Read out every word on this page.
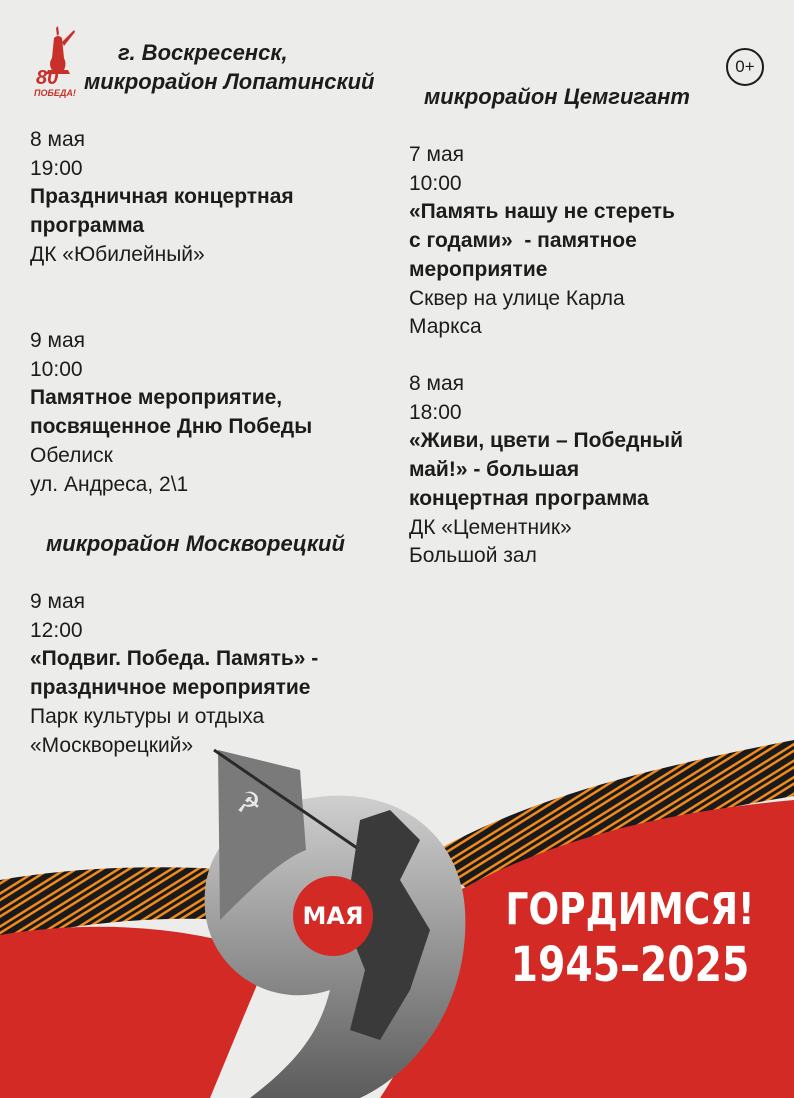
80
ПОБЕДА!
0+

г. Воскресенск,

микрорайон Лопатинский

микрорайон Цемгигант

микрорайон Москворецкий

8 мая
19:00
Праздничная концертная
программа
ДК «Юбилейный»
9 мая
10:00
Памятное мероприятие,
посвященное Дню Победы
Обелиск
ул. Андреса, 2\1
9 мая
12:00
«Подвиг. Победа. Память» -
праздничное мероприятие
Парк культуры и отдыха
«Москворецкий»
7 мая
10:00
«Память нашу не стереть
с годами»  - памятное
мероприятие
Сквер на улице Карла
Маркса
8 мая
18:00
«Живи, цвети – Победный
май!» - большая
концертная программа
ДК «Цементник»
Большой зал
☭
МАЯ	ГОРДИМСЯ!
1945–2025
